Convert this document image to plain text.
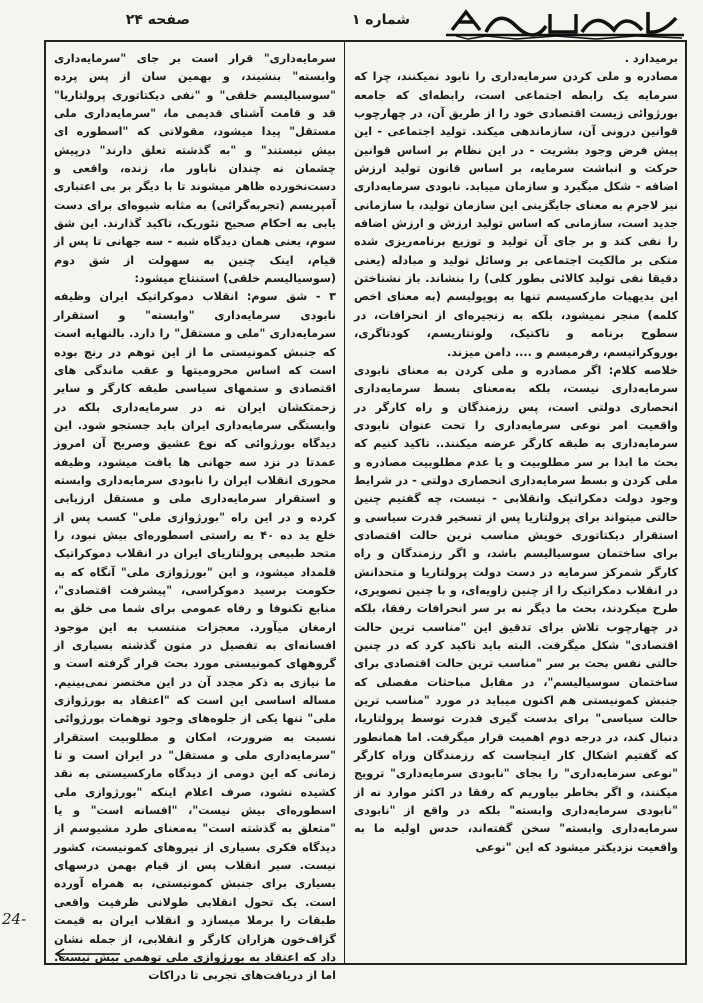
شماره ۱
صفحه ۲۴

برمیدارد .

مصادره و ملی کردن سرمایه‌داری را نابود نمیکنند، چرا که سرمایه یک رابطه اجتماعی است، رابطه‌ای که جامعه بورژوائی زیست اقتصادی خود را از طریق آن، در چهارچوب قوانین درونی آن، سازماندهی میکند. تولید اجتماعی - این پیش فرض وجود بشریت - در این نظام بر اساس قوانین حرکت و انباشت سرمایه، بر اساس قانون تولید ارزش اضافه - شکل میگیرد و سازمان مییابد. نابودی سرمایه‌داری نیز لاجرم به معنای جایگزینی این سازمان تولید، با سازمانی جدید است، سازمانی که اساس تولید ارزش و ارزش اضافه را نفی کند و بر جای آن تولید و توزیع برنامه‌ریزی شده متکی بر مالکیت اجتماعی بر وسائل تولید و مبادله (یعنی دقیقا نفی تولید کالائی بطور کلی) را بنشاند. باز نشناختن این بدیهیات مارکسیسم تنها به پوپولیسم (به معنای اخص کلمه) منجر نمیشود، بلکه به زنجیره‌ای از انحرافات، در سطوح برنامه و تاکتیک، ولونتاریسم، کودتاگری، بوروکراتیسم، رفرمیسم و .... دامن میزند.

خلاصه کلام: اگر مصادره و ملی کردن به معنای نابودی سرمایه‌داری نیست، بلکه به‌معنای بسط سرمایه‌داری انحصاری دولتی است، پس رزمندگان و راه کارگر در واقعیت امر نوعی سرمایه‌داری را تحت عنوان نابودی سرمایه‌داری به طبقه کارگر عرضه میکنند.. تاکید کنیم که بحث ما ابدا بر سر مطلوبیت و یا عدم مطلوبیت مصادره و ملی کردن و بسط سرمایه‌داری انحصاری دولتی - در شرایط وجود دولت دمکراتیک وانقلابی - نیست، چه گفتیم چنین حالتی میتواند برای پرولتاریا پس از تسخیر قدرت سیاسی و استقرار دیکتاتوری خویش مناسب ترین حالت اقتصادی برای ساختمان سوسیالیسم باشد، و اگر رزمندگان و راه کارگر شمرکز سرمایه در دست دولت پرولتاریا و متحدانش در انقلاب دمکراتیک را از چنین زاویه‌ای، و با چنین تصویری، طرح میکردند، بحث ما دیگر نه بر سر انحرافات رفقا، بلکه در چهارچوب تلاش برای تدقیق این "مناسب ترین حالت اقتصادی" شکل میگرفت. البته باید تاکید کرد که در چنین حالتی نفس بحث بر سر "مناسب ترین حالت اقتصادی برای ساختمان سوسیالیسم"، در مقابل مباحثات مفصلی که جنبش کمونیستی هم اکنون میباید در مورد "مناسب ترین حالت سیاسی" برای بدست گیری قدرت توسط پرولتاریا، دنبال کند، در درجه دوم اهمیت قرار میگرفت. اما همانطور که گفتیم اشکال کار اینجاست که رزمندگان وراه کارگر "نوعی سرمایه‌داری" را بجای "نابودی سرمایه‌داری" ترویج میکنند، و اگر بخاطر بیاوریم که رفقا در اکثر موارد نه از "نابودی سرمایه‌داری وابسته" بلکه در واقع از "نابودی سرمایه‌داری وابسته" سخن گفته‌اند، حدس اولیه ما به واقعیت نزدیکتر میشود که این "نوعی

سرمایه‌داری" قرار است بر جای "سرمایه‌داری وابسته" بنشیند، و بهمین سان از پس پرده "سوسیالیسم خلقی" و "نفی دیکتاتوری پرولتاریا" قد و قامت آشنای قدیمی ما، "سرمایه‌داری ملی مستقل" پیدا میشود، مقولاتی که "اسطوره ای بیش نیستند" و "به گذشته تعلق دارند" درپیش چشمان نه چندان ناباور ما، زنده، واقعی و دست‌نخورده ظاهر میشوند تا با دیگر بر بی اعتباری آمپریسم (تجربه‌گرائی) به مثابه شیوه‌ای برای دست یابی به احکام صحیح تئوریک، تاکید گذارند. این شق سوم، یعنی همان دیدگاه شبه - سه جهانی تا پس از قیام، اینک چنین به سهولت از شق دوم (سوسیالیسم خلقی) استنتاج میشود:

۳ - شق سوم: انقلاب دموکراتیک ایران وظیفه نابودی سرمایه‌داری "وابسته" و استقرار سرمایه‌داری "ملی و مستقل" را دارد. بالنهایه است که جنبش کمونیستی ما از این توهم در رنج بوده است که اساس محرومیتها و عقب ماندگی های اقتصادی و ستمهای سیاسی طبقه کارگر و سایر زحمتکشان ایران نه در سرمایه‌داری بلکه در وابستگی سرمایه‌داری ایران باید جستجو شود. این دیدگاه بورژوائی که نوع عشیق وصریح آن امروز عمدتا در نزد سه جهانی ها یافت میشود، وظیفه محوری انقلاب ایران را نابودی سرمایه‌داری وابسته و استقرار سرمایه‌داری ملی و مستقل ارزیابی کرده و در این راه "بورژوازی ملی" کسب پس از خلع ید ده ۴۰ به راستی اسطوره‌ای بیش نبود، را متحد طبیعی پرولتاریای ایران در انقلاب دموکراتیک قلمداد میشود، و این "بورژوازی ملی" آنگاه که به حکومت برسید دموکراسی، "پیشرفت اقتصادی"، منابع تکنوفا و رفاه عمومی برای شما می خلق به ارمغان میآورد. معجزات منتسب به این موجود افسانه‌ای به تفصیل در متون گذشته بسیاری از گروههای کمونیستی مورد بحث قرار گرفته است و ما نیازی به ذکر مجدد آن در این مختصر نمی‌بینیم. مساله اساسی این است که "اعتقاد به بورژوازی ملی" تنها یکی از جلوه‌های وجود توهمات بورژوائی نسبت به ضرورت، امکان و مطلوبیت استقرار "سرمایه‌داری ملی و مستقل" در ایران است و تا زمانی که این دومی از دیدگاه مارکسیستی به نقد کشیده نشود، صرف اعلام اینکه "بورژوازی ملی اسطوره‌ای بیش نیست"، "افسانه است" و یا "متعلق به گذشته است" به‌معنای طرد مشیوسم از دیدگاه فکری بسیاری از نیروهای کمونیست، کشور نیست. سیر انقلاب پس از قیام بهمن درسهای بسیاری برای جنبش کمونیستی، به همراه آورده است. یک تحول انقلابی طولانی ظرفیت واقعی طبقات را برملا میسازد و انقلاب ایران به قیمت گزاف‌خون هزاران کارگر و انقلابی، از جمله نشان داد که اعتقاد به بورژوازی ملی توهمی بیش نیست. اما از دریافت‌های تجربی تا دراکات

24-
